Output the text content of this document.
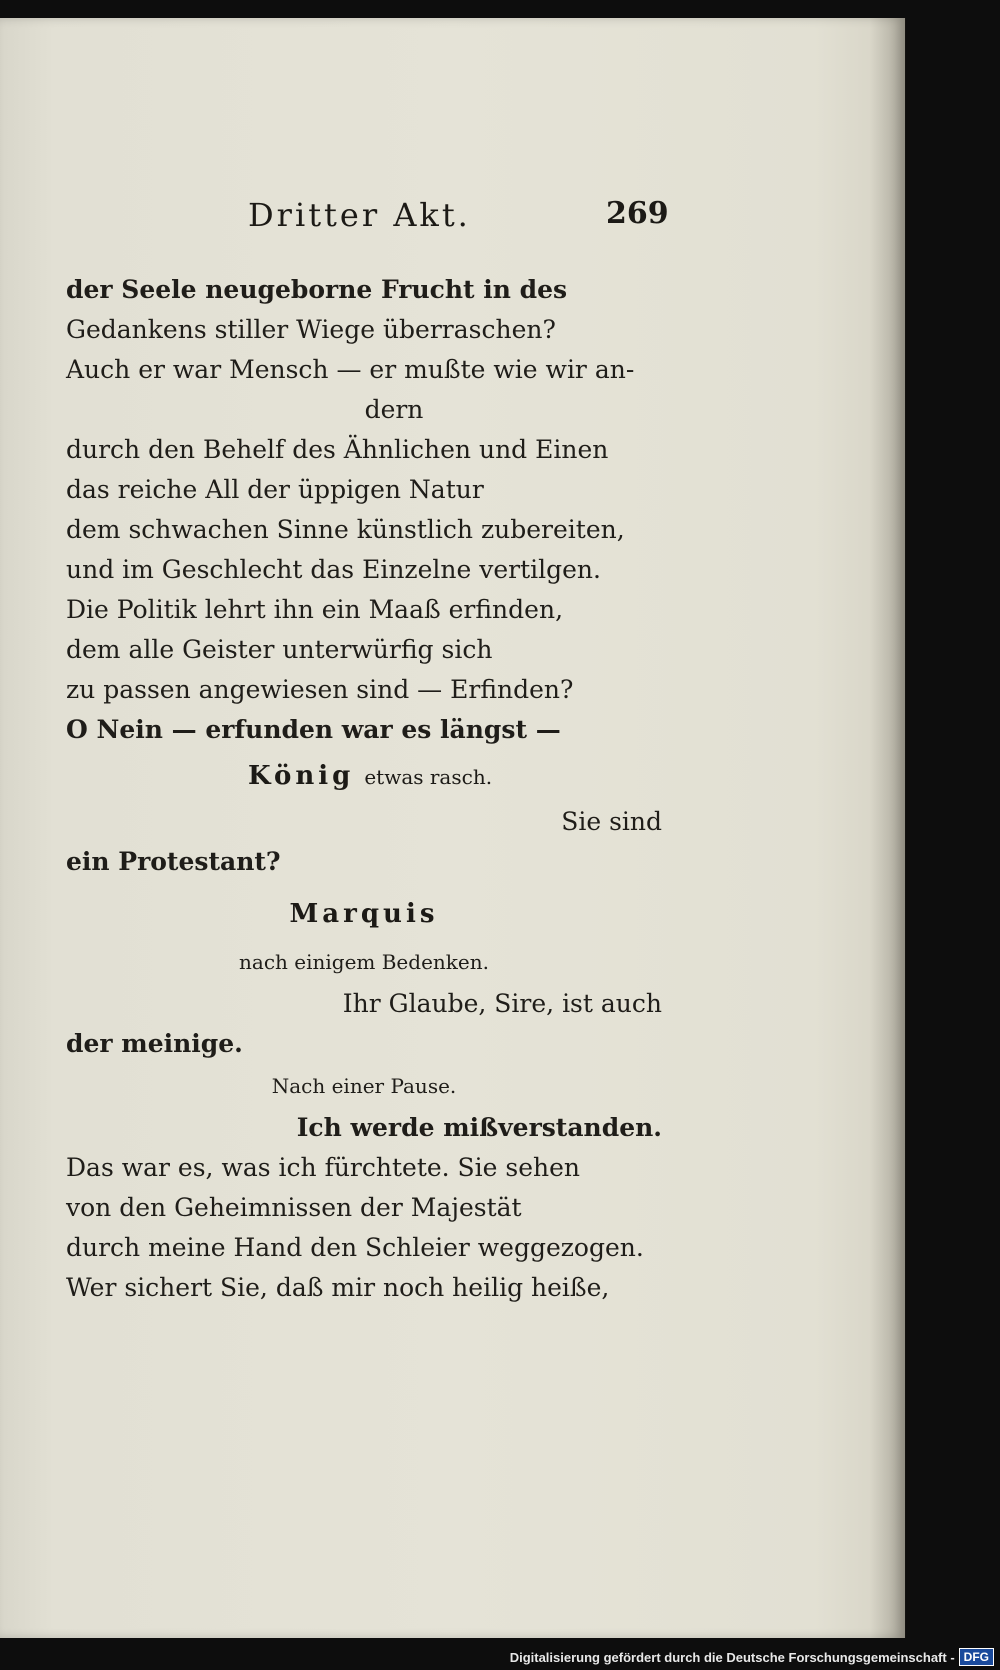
Dritter Akt.	269
der Seele neugeborne Frucht in des
Gedankens stiller Wiege überraschen?
Auch er war Mensch — er mußte wie wir an-
dern
durch den Behelf des Ähnlichen und Einen
das reiche All der üppigen Natur
dem schwachen Sinne künstlich zubereiten,
und im Geschlecht das Einzelne vertilgen.
Die Politik lehrt ihn ein Maaß erfinden,
dem alle Geister unterwürfig sich
zu passen angewiesen sind — Erfinden?
O Nein — erfunden war es längst —
König etwas rasch.
Sie sind
ein Protestant?
Marquis
nach einigem Bedenken.
Ihr Glaube, Sire, ist auch
der meinige.
Nach einer Pause.
Ich werde mißverstanden.
Das war es, was ich fürchtete. Sie sehen
von den Geheimnissen der Majestät
durch meine Hand den Schleier weggezogen.
Wer sichert Sie, daß mir noch heilig heiße,
Digitalisierung gefördert durch die Deutsche Forschungsgemeinschaft - DFG
